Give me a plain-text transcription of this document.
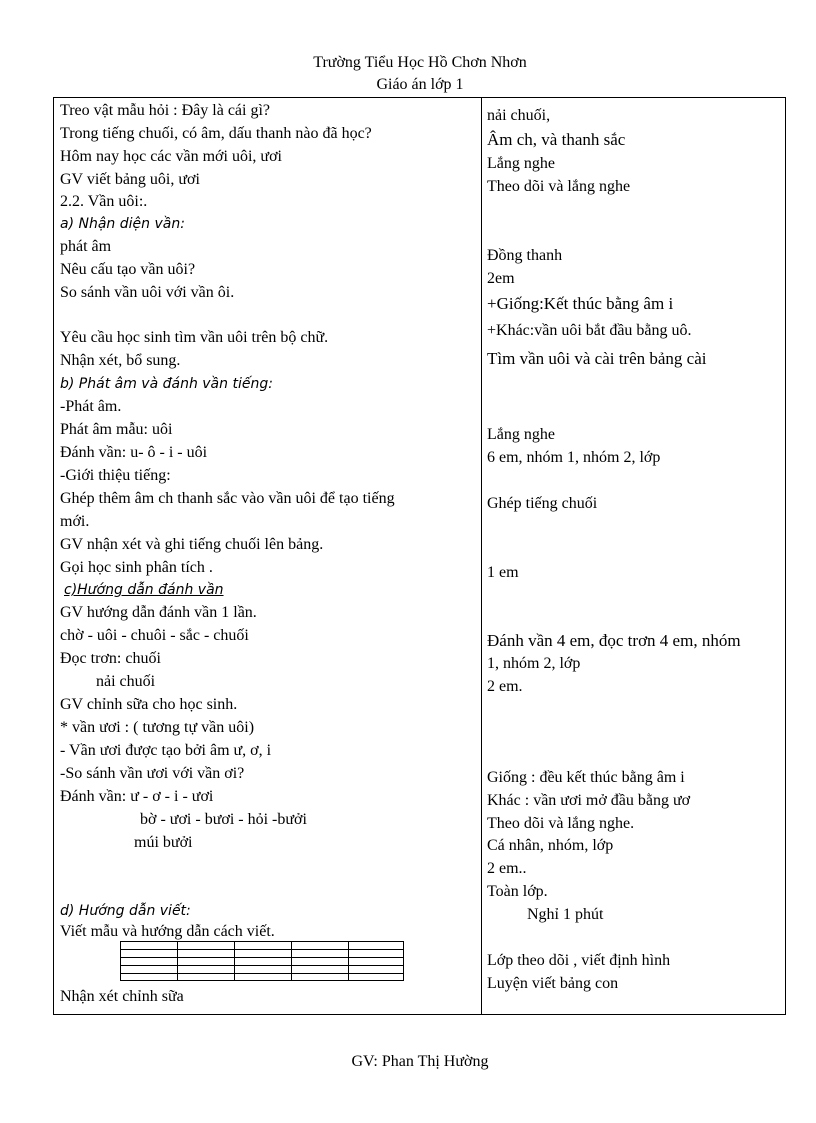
Trường Tiểu Học Hồ Chơn Nhơn
Giáo án lớp 1
Treo vật mẫu hỏi : Đây là cái gì?
Trong tiếng chuối, có âm, dấu thanh nào đã học?
Hôm nay học các vần mới uôi, ươi
GV viết bảng uôi, ươi
2.2. Vần uôi:.
a) Nhận diện vần:
phát âm
Nêu cấu tạo vần uôi?
So sánh vần uôi với vần ôi.
Yêu cầu học sinh tìm vần uôi trên bộ chữ.
Nhận xét, bổ sung.
b) Phát âm và đánh vần tiếng:
-Phát âm.
Phát âm mẫu: uôi
Đánh vần: u- ô - i - uôi
-Giới thiệu tiếng:
Ghép thêm âm ch thanh sắc vào vần uôi để tạo tiếng
mới.
GV nhận xét và ghi tiếng chuối lên bảng.
Gọi học sinh phân tích .
c)Hướng dẫn đánh vần
GV hướng dẫn đánh vần 1 lần.
chờ - uôi - chuôi - sắc - chuối
Đọc trơn: chuối
nải chuối
GV chỉnh sữa cho học sinh.
* vần ươi : ( tương tự vần uôi)
- Vần ươi được tạo bởi âm ư, ơ, i
-So sánh vần ươi với vần ơi?
Đánh vần: ư - ơ - i - ươi
bờ - ươi - bươi - hỏi -bưởi
múi bưởi
d) Hướng dẫn viết:
Viết mẫu và hướng dẫn cách viết.
Nhận xét chỉnh sữa
nải chuối,
Âm ch, và thanh sắc
Lắng nghe
Theo dõi và lắng nghe
Đồng thanh
2em
+Giống:Kết thúc bằng âm i
+Khác:vần uôi bắt đầu bằng uô.
Tìm vần uôi và cài trên bảng cài
Lắng nghe
6 em, nhóm 1, nhóm 2, lớp
Ghép tiếng chuối
1 em
Đánh vần 4 em, đọc trơn 4 em, nhóm
1, nhóm 2, lớp
2 em.
Giống : đều kết thúc bằng âm i
Khác : vần ươi mở đầu bằng ươ
Theo dõi và lắng nghe.
Cá nhân, nhóm, lớp
2 em..
Toàn lớp.
Nghỉ 1 phút
Lớp theo dõi , viết định hình
Luyện viết bảng con
GV: Phan Thị Hường
